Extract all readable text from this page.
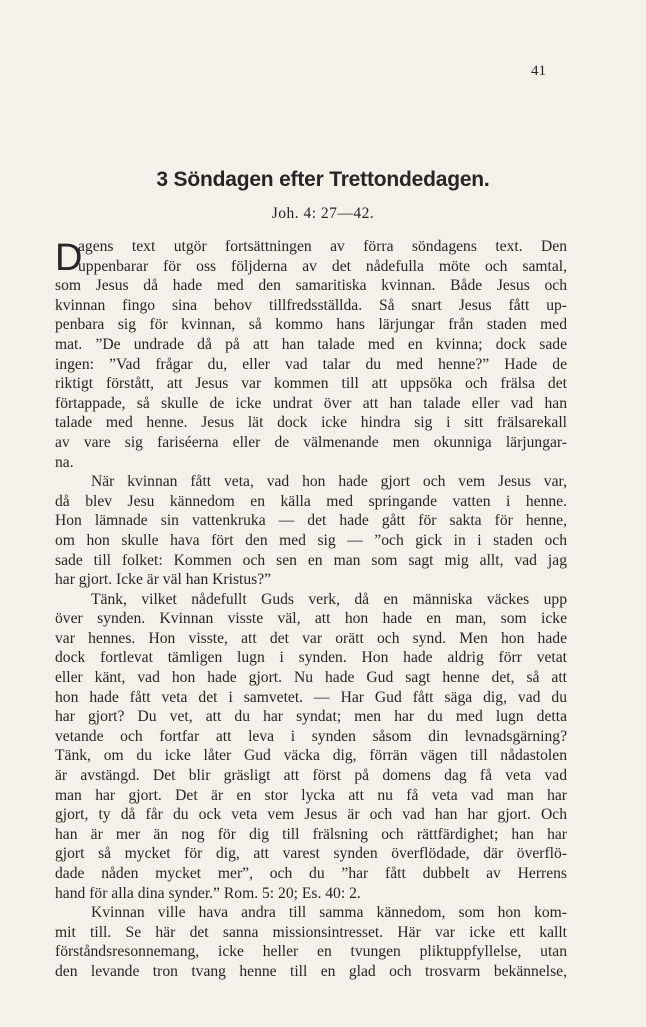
41
3 Söndagen efter Trettondedagen.
Joh. 4: 27—42.
D
agens text utgör fortsättningen av förra söndagens text. Den
uppenbarar för oss följderna av det nådefulla möte och samtal,
som Jesus då hade med den samaritiska kvinnan. Både Jesus och
kvinnan fingo sina behov tillfredsställda. Så snart Jesus fått up-
penbara sig för kvinnan, så kommo hans lärjungar från staden med
mat. ”De undrade då på att han talade med en kvinna; dock sade
ingen: ”Vad frågar du, eller vad talar du med henne?” Hade de
riktigt förstått, att Jesus var kommen till att uppsöka och frälsa det
förtappade, så skulle de icke undrat över att han talade eller vad han
talade med henne. Jesus lät dock icke hindra sig i sitt frälsarekall
av vare sig fariséerna eller de välmenande men okunniga lärjungar-
na.
När kvinnan fått veta, vad hon hade gjort och vem Jesus var,
då blev Jesu kännedom en källa med springande vatten i henne.
Hon lämnade sin vattenkruka — det hade gått för sakta för henne,
om hon skulle hava fört den med sig — ”och gick in i staden och
sade till folket: Kommen och sen en man som sagt mig allt, vad jag
har gjort. Icke är väl han Kristus?”
Tänk, vilket nådefullt Guds verk, då en människa väckes upp
över synden. Kvinnan visste väl, att hon hade en man, som icke
var hennes. Hon visste, att det var orätt och synd. Men hon hade
dock fortlevat tämligen lugn i synden. Hon hade aldrig förr vetat
eller känt, vad hon hade gjort. Nu hade Gud sagt henne det, så att
hon hade fått veta det i samvetet. — Har Gud fått säga dig, vad du
har gjort? Du vet, att du har syndat; men har du med lugn detta
vetande och fortfar att leva i synden såsom din levnadsgärning?
Tänk, om du icke låter Gud väcka dig, förrän vägen till nådastolen
är avstängd. Det blir gräsligt att först på domens dag få veta vad
man har gjort. Det är en stor lycka att nu få veta vad man har
gjort, ty då får du ock veta vem Jesus är och vad han har gjort. Och
han är mer än nog för dig till frälsning och rättfärdighet; han har
gjort så mycket för dig, att varest synden överflödade, där överflö-
dade nåden mycket mer”, och du ”har fått dubbelt av Herrens
hand för alla dina synder.” Rom. 5: 20; Es. 40: 2.
Kvinnan ville hava andra till samma kännedom, som hon kom-
mit till. Se här det sanna missionsintresset. Här var icke ett kallt
förståndsresonnemang, icke heller en tvungen pliktuppfyllelse, utan
den levande tron tvang henne till en glad och trosvarm bekännelse,
